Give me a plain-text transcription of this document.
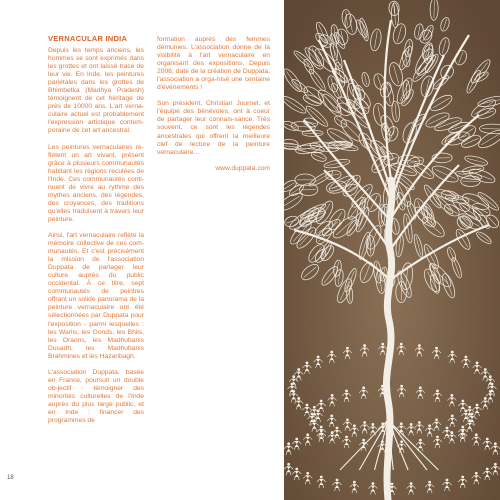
VERNACULAR INDIA

Depuis les temps anciens, les hommes se sont exprimés dans les grottes et ont laissé trace de leur vie. En Inde, les peintures pariétales dans les grottes de Bhimbetka (Madhya Pradesh) témoignent de cet héritage de près de 10000 ans. L'art verna-culaire actuel est probablement l'expression artistique contem-poraine de cet art ancestral.

Les peintures vernaculaires re-flètent un art vivant, présent grâce à plusieurs communautés habitant les régions reculées de l'Inde. Ces communautés conti-nuent de vivre au rythme des mythes anciens, des légendes, des croyances, des traditions qu'elles traduisent à travers leur peinture.

Ainsi, l'art vernaculaire reflète la mémoire collective de ces com-munautés. Et c'est précisément la mission de l'association Duppata de partager leur culture auprès du public occidental. À ce titre, sept communautés de peintres offrant un solide panorama de la peinture vernaculaire ont été sélectionnées par Duppata pour l'exposition - parmi lesquelles : les Warlis, les Gonds, les Bhils, les Oraons, les Madhubanis Dusadh, les Madhubanis Brahmines et les Hazaribagh.

L'association Duppata, basée en France, poursuit un double ob-jectif : témoigner des minorités culturelles de l'Inde auprès du plus large public, et en Inde : financer des programmes de

formation auprès des femmes démunies. L'association donne de la visibilité à l'art vernaculaire en organisant des expositions. Depuis 2008, date de la création de Duppata, l'association a orga-nisé une centaine d'événements !

Son président, Christian Journet, et l'équipe des bénévoles, ont à coeur de partager leur connais-sance. Très souvent, ce sont les légendes ancestrales qui offrent la meilleure clef de lecture de la peinture vernaculaire…

www.duppata.com
18
